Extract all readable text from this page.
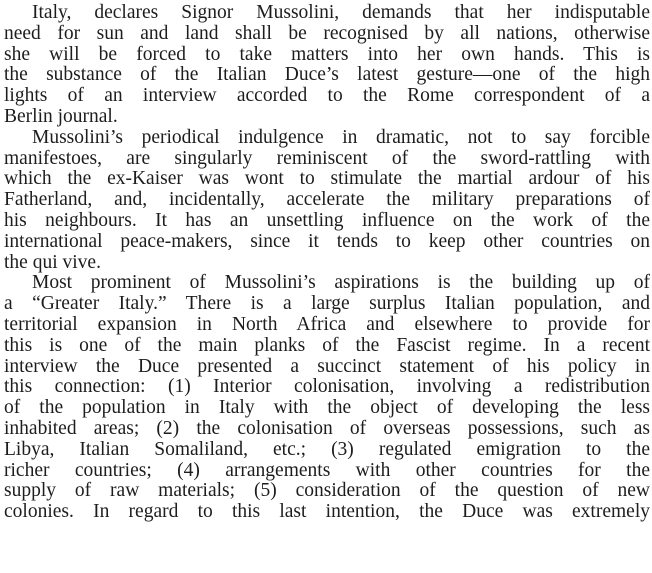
Italy, declares Signor Mussolini, demands that her indisputable
need for sun and land shall be recognised by all nations, otherwise
she will be forced to take matters into her own hands. This is
the substance of the Italian Duce’s latest gesture—one of the high
lights of an interview accorded to the Rome correspondent of a
Berlin journal.
Mussolini’s periodical indulgence in dramatic, not to say forcible
manifestoes, are singularly reminiscent of the sword-rattling with
which the ex-Kaiser was wont to stimulate the martial ardour of his
Fatherland, and, incidentally, accelerate the military preparations of
his neighbours. It has an unsettling influence on the work of the
international peace-makers, since it tends to keep other countries on
the qui vive.
Most prominent of Mussolini’s aspirations is the building up of
a “Greater Italy.” There is a large surplus Italian population, and
territorial expansion in North Africa and elsewhere to provide for
this is one of the main planks of the Fascist regime. In a recent
interview the Duce presented a succinct statement of his policy in
this connection: (1) Interior colonisation, involving a redistribution
of the population in Italy with the object of developing the less
inhabited areas; (2) the colonisation of overseas possessions, such as
Libya, Italian Somaliland, etc.; (3) regulated emigration to the
richer countries; (4) arrangements with other countries for the
supply of raw materials; (5) consideration of the question of new
colonies. In regard to this last intention, the Duce was extremely
